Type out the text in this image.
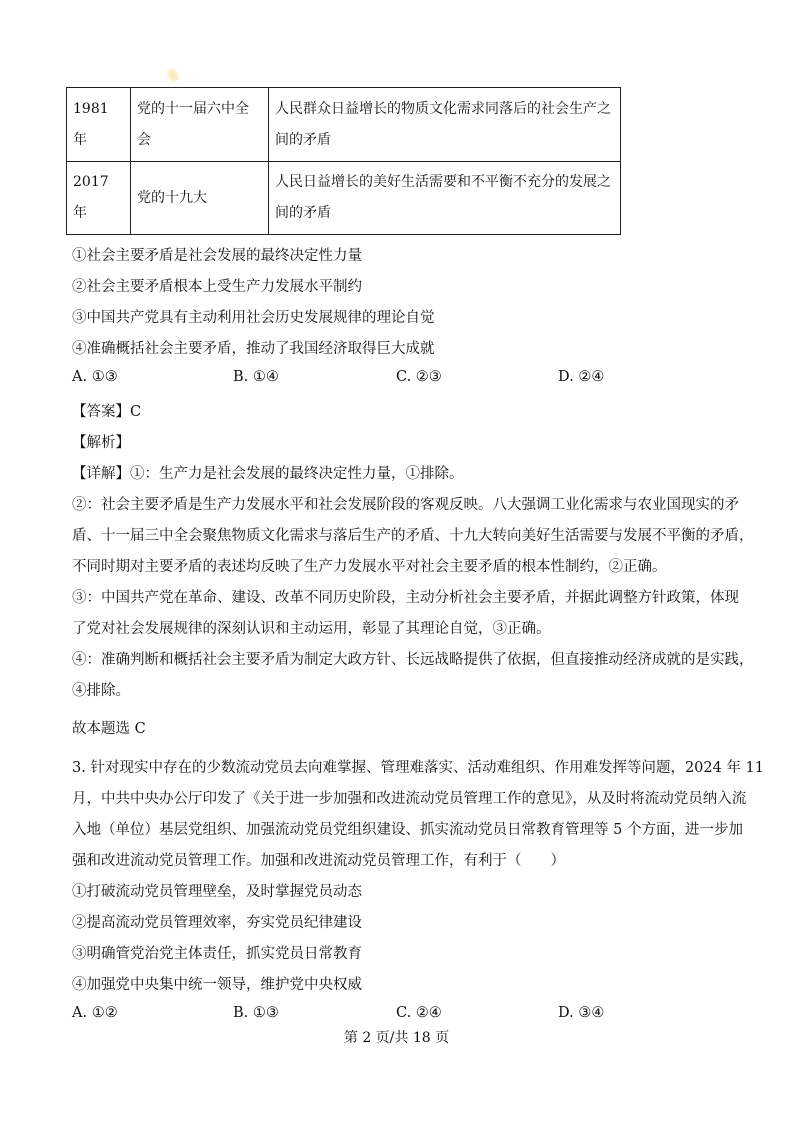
1981 年	党的十一届六中全会	人民群众日益增长的物质文化需求同落后的社会生产之
间的矛盾

2017 年	党的十九大	人民日益增长的美好生活需要和不平衡不充分的发展之
间的矛盾
①社会主要矛盾是社会发展的最终决定性力量
②社会主要矛盾根本上受生产力发展水平制约
③中国共产党具有主动利用社会历史发展规律的理论自觉
④准确概括社会主要矛盾，推动了我国经济取得巨大成就
A. ①③	B. ①④	C. ②③	D. ②④
【答案】C
【解析】
【详解】①：生产力是社会发展的最终决定性力量，①排除。
②：社会主要矛盾是生产力发展水平和社会发展阶段的客观反映。八大强调工业化需求与农业国现实的矛
盾、十一届三中全会聚焦物质文化需求与落后生产的矛盾、十九大转向美好生活需要与发展不平衡的矛盾，
不同时期对主要矛盾的表述均反映了生产力发展水平对社会主要矛盾的根本性制约，②正确。
③：中国共产党在革命、建设、改革不同历史阶段，主动分析社会主要矛盾，并据此调整方针政策，体现
了党对社会发展规律的深刻认识和主动运用，彰显了其理论自觉，③正确。
④：准确判断和概括社会主要矛盾为制定大政方针、长远战略提供了依据，但直接推动经济成就的是实践，
④排除。
故本题选 C
3. 针对现实中存在的少数流动党员去向难掌握、管理难落实、活动难组织、作用难发挥等问题，2024 年 11
月，中共中央办公厅印发了《关于进一步加强和改进流动党员管理工作的意见》，从及时将流动党员纳入流
入地（单位）基层党组织、加强流动党员党组织建设、抓实流动党员日常教育管理等 5 个方面，进一步加
强和改进流动党员管理工作。加强和改进流动党员管理工作，有利于（　　）
①打破流动党员管理壁垒，及时掌握党员动态
②提高流动党员管理效率，夯实党员纪律建设
③明确管党治党主体责任，抓实党员日常教育
④加强党中央集中统一领导，维护党中央权威
A. ①②	B. ①③	C. ②④	D. ③④
第 2 页/共 18 页
